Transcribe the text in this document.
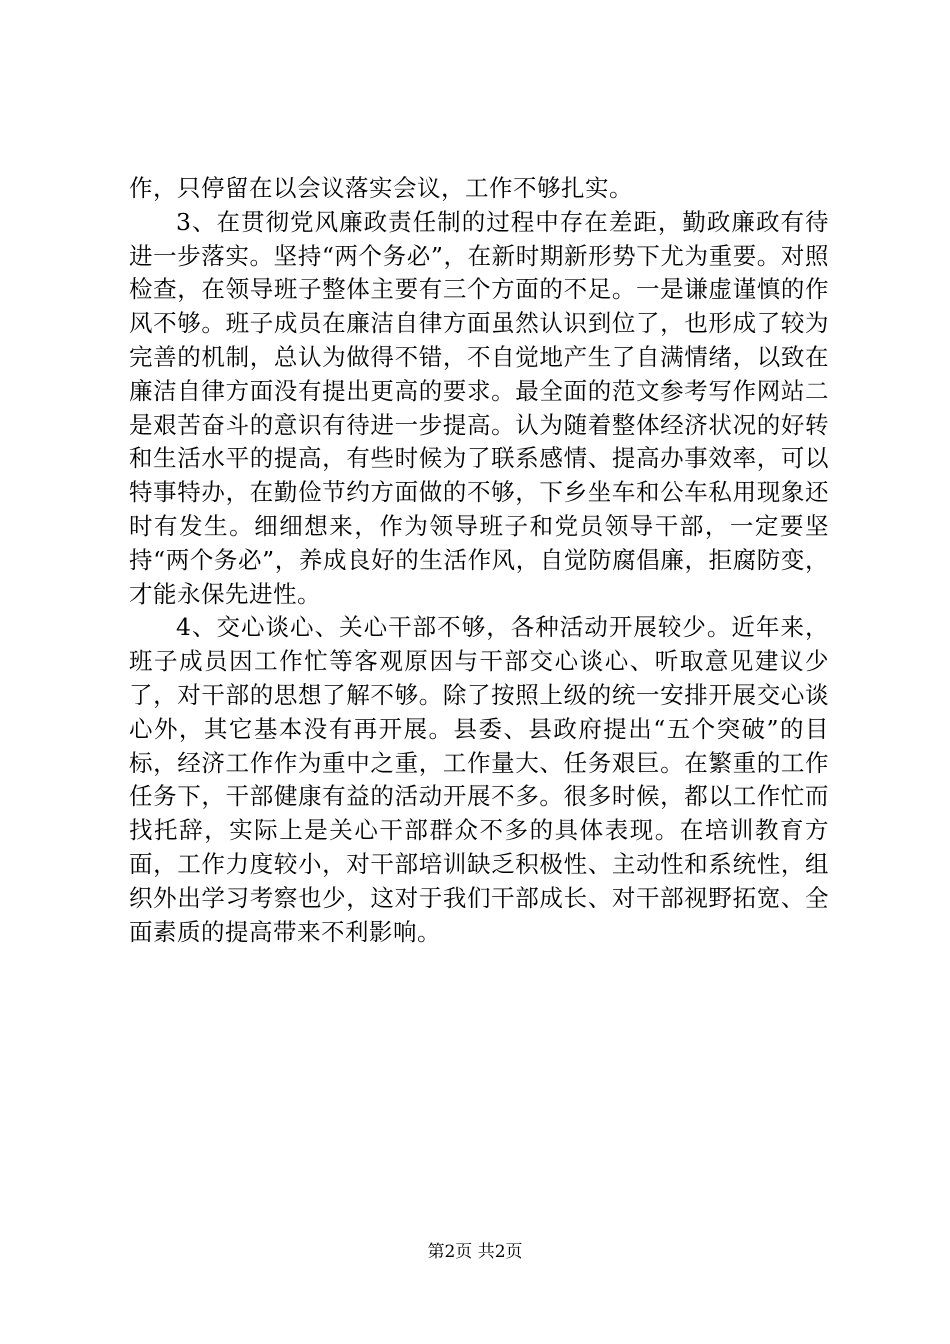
作，只停留在以会议落实会议，工作不够扎实。

3、在贯彻党风廉政责任制的过程中存在差距，勤政廉政有待进一步落实。坚持“两个务必”，在新时期新形势下尤为重要。对照检查，在领导班子整体主要有三个方面的不足。一是谦虚谨慎的作风不够。班子成员在廉洁自律方面虽然认识到位了，也形成了较为完善的机制，总认为做得不错，不自觉地产生了自满情绪，以致在廉洁自律方面没有提出更高的要求。最全面的范文参考写作网站二是艰苦奋斗的意识有待进一步提高。认为随着整体经济状况的好转和生活水平的提高，有些时候为了联系感情、提高办事效率，可以特事特办，在勤俭节约方面做的不够，下乡坐车和公车私用现象还时有发生。细细想来，作为领导班子和党员领导干部，一定要坚持“两个务必”，养成良好的生活作风，自觉防腐倡廉，拒腐防变，才能永保先进性。

4、交心谈心、关心干部不够，各种活动开展较少。近年来，班子成员因工作忙等客观原因与干部交心谈心、听取意见建议少了，对干部的思想了解不够。除了按照上级的统一安排开展交心谈心外，其它基本没有再开展。县委、县政府提出“五个突破”的目标，经济工作作为重中之重，工作量大、任务艰巨。在繁重的工作任务下，干部健康有益的活动开展不多。很多时候，都以工作忙而找托辞，实际上是关心干部群众不多的具体表现。在培训教育方面，工作力度较小，对干部培训缺乏积极性、主动性和系统性，组织外出学习考察也少，这对于我们干部成长、对干部视野拓宽、全面素质的提高带来不利影响。

第2页 共2页
